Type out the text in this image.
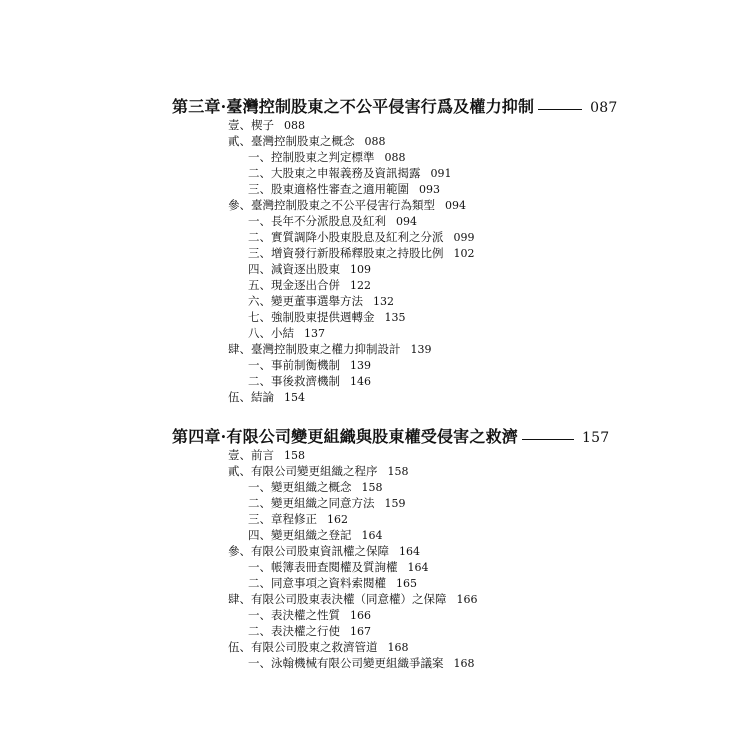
第三章·臺灣控制股東之不公平侵害行爲及權力抑制	087
壹、楔子 088
貳、臺灣控制股東之概念 088
一、控制股東之判定標準 088
二、大股東之申報義務及資訊揭露 091
三、股東適格性審查之適用範圍 093
參、臺灣控制股東之不公平侵害行為類型 094
一、長年不分派股息及紅利 094
二、實質調降小股東股息及紅利之分派 099
三、增資發行新股稀釋股東之持股比例 102
四、減資逐出股東 109
五、現金逐出合併 122
六、變更董事選舉方法 132
七、強制股東提供週轉金 135
八、小結 137
肆、臺灣控制股東之權力抑制設計 139
一、事前制衡機制 139
二、事後救濟機制 146
伍、結論 154
第四章·有限公司變更組織與股東權受侵害之救濟	157
壹、前言 158
貳、有限公司變更組織之程序 158
一、變更組織之概念 158
二、變更組織之同意方法 159
三、章程修正 162
四、變更組織之登記 164
參、有限公司股東資訊權之保障 164
一、帳簿表冊查閱權及質詢權 164
二、同意事項之資料索閱權 165
肆、有限公司股東表決權（同意權）之保障 166
一、表決權之性質 166
二、表決權之行使 167
伍、有限公司股東之救濟管道 168
一、泳翰機械有限公司變更組織爭議案 168
